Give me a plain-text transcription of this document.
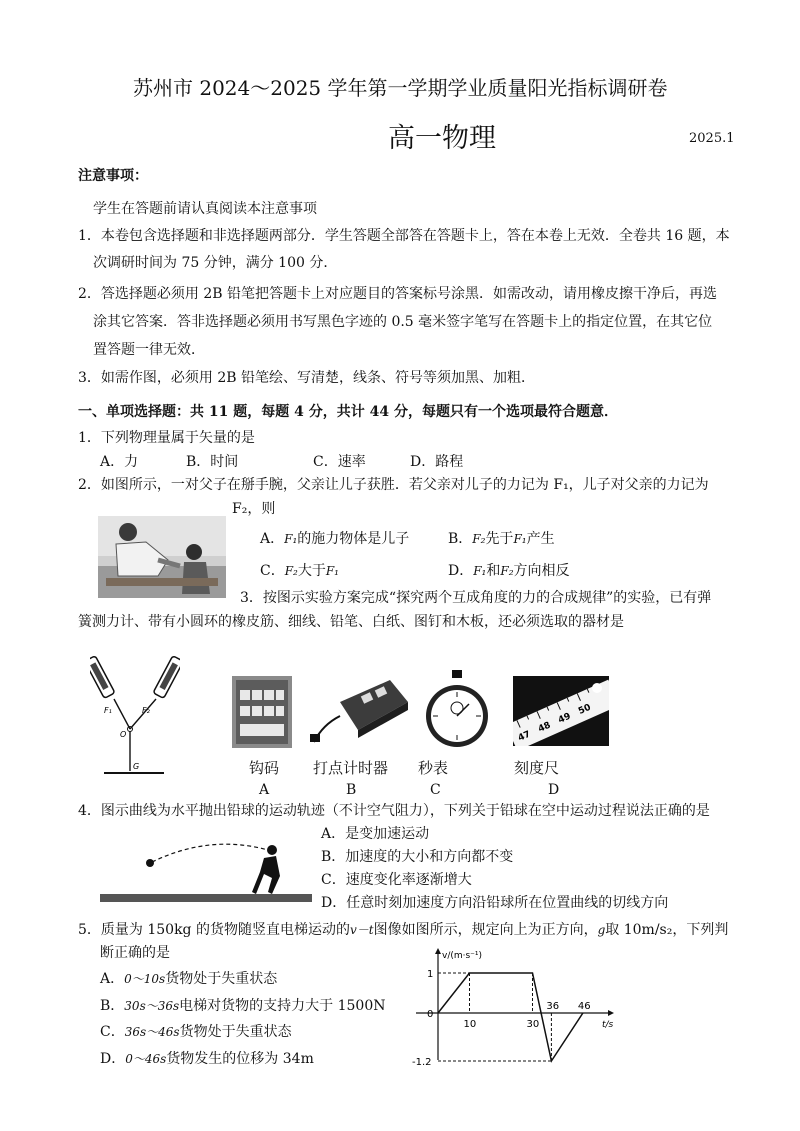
苏州市 2024～2025 学年第一学期学业质量阳光指标调研卷
高一物理	2025.1
注意事项：
学生在答题前请认真阅读本注意事项
1．本卷包含选择题和非选择题两部分．学生答题全部答在答题卡上，答在本卷上无效．全卷共 16 题，本
次调研时间为 75 分钟，满分 100 分．
2．答选择题必须用 2B 铅笔把答题卡上对应题目的答案标号涂黑．如需改动，请用橡皮擦干净后，再选
涂其它答案．答非选择题必须用书写黑色字迹的 0.5 毫米签字笔写在答题卡上的指定位置，在其它位
置答题一律无效．
3．如需作图，必须用 2B 铅笔绘、写清楚，线条、符号等须加黑、加粗．
一、单项选择题：共 11 题，每题 4 分，共计 44 分，每题只有一个选项最符合题意．
1．下列物理量属于矢量的是
A．力	B．时间	C．速率	D．路程
2．如图所示，一对父子在掰手腕，父亲让儿子获胜．若父亲对儿子的力记为 F₁，儿子对父亲的力记为
F₂，则
A．F₁的施力物体是儿子	B．F₂先于F₁产生
C．F₂大于F₁	D．F₁和F₂方向相反
3．按图示实验方案完成“探究两个互成角度的力的合成规律”的实验，已有弹
簧测力计、带有小圆环的橡皮筋、细线、铅笔、白纸、图钉和木板，还必须选取的器材是
F₁	F₂
O
G
47
48
49
50
钩码 打点计时器 秒表	刻度尺
A	B	C	D
4．图示曲线为水平抛出铅球的运动轨迹（不计空气阻力），下列关于铅球在空中运动过程说法正确的是
A．是变加速运动
B．加速度的大小和方向都不变
C．速度变化率逐渐增大
D．任意时刻加速度方向沿铅球所在位置曲线的切线方向
5．质量为 150kg 的货物随竖直电梯运动的v－t图像如图所示，规定向上为正方向，g取 10m/s₂，下列判
断正确的是
A．0～10s货物处于失重状态
B．30s～36s电梯对货物的支持力大于 1500N
C．36s～46s货物处于失重状态
D．0～46s货物发生的位移为 34m
v/(m·s⁻¹)
t/s
0
10	30
36 46
1
-1.2
